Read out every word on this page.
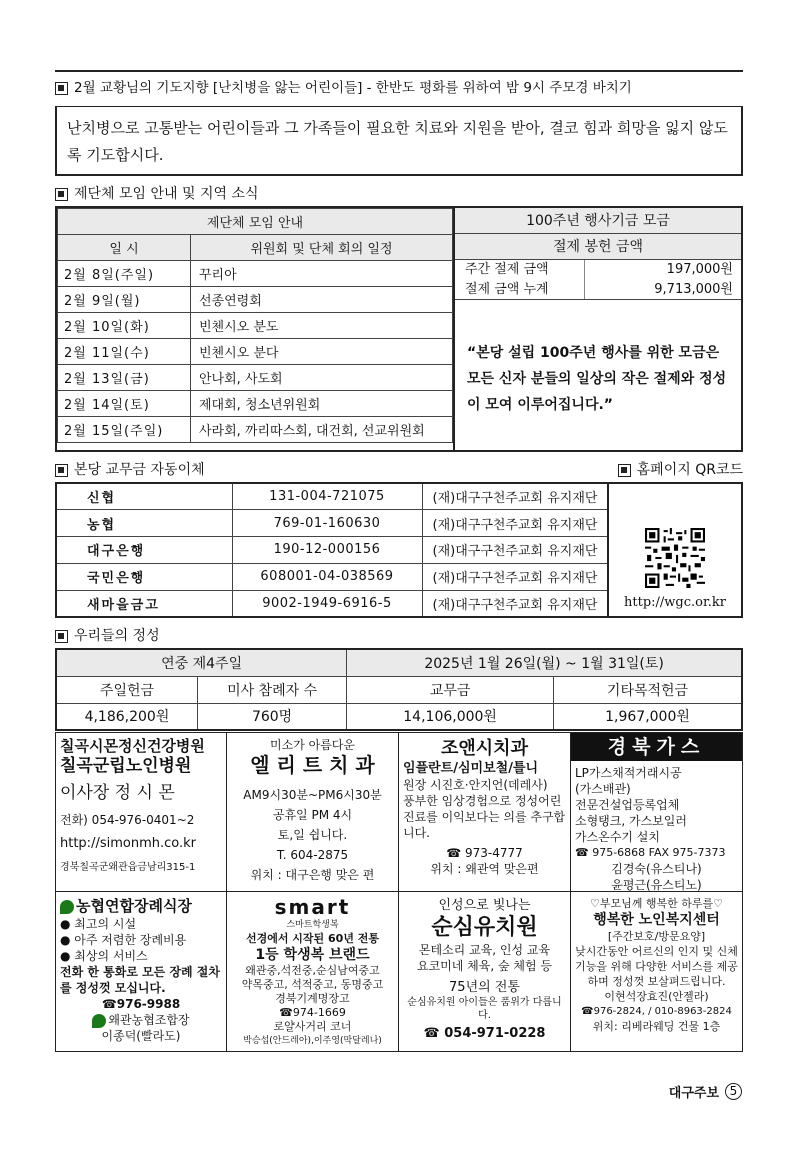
2월 교황님의 기도지향 [난치병을 앓는 어린이들] - 한반도 평화를 위하여 밤 9시 주모경 바치기
난치병으로 고통받는 어린이들과 그 가족들이 필요한 치료와 지원을 받아, 결코 힘과 희망을 잃지 않도록 기도합시다.
제단체 모임 안내 및 지역 소식
제단체 모임 안내	
일 시	위원회 및 단체 회의 일정
2월 8일(주일)	꾸리아
2월 9일(월)	선종연령회
2월 10일(화)	빈첸시오 분도
2월 11일(수)	빈첸시오 분다
2월 13일(금)	안나회, 사도회
2월 14일(토)	제대회, 청소년위원회
2월 15일(주일)	사라회, 까리따스회, 대건회, 선교위원회
100주년 행사기금 모금
절제 봉헌 금액
주간 절제 금액	197,000원
절제 금액 누계	9,713,000원
“본당 설립 100주년 행사를 위한 모금은 모든 신자 분들의 일상의 작은 절제와 정성이 모여 이루어집니다.”
본당 교무금 자동이체	홈페이지 QR코드
신협	131-004-721075	(재)대구구천주교회 유지재단
농협	769-01-160630	(재)대구구천주교회 유지재단
대구은행	190-12-000156	(재)대구구천주교회 유지재단
국민은행	608001-04-038569	(재)대구구천주교회 유지재단
새마을금고	9002-1949-6916-5	(재)대구구천주교회 유지재단 http://wgc.or.kr
우리들의 정성
연중 제4주일		2025년 1월 26일(월) ~ 1월 31일(토)	
주일헌금	미사 참례자 수	교무금	기타목적헌금
4,186,200원	760명	14,106,000원	1,967,000원
칠곡시몬정신건강병원
칠곡군립노인병원
이사장 정 시 몬
전화) 054-976-0401~2
http://simonmh.co.kr
경북칠곡군왜관읍금남리315-1
미소가 아름다운
엘 리 트 치 과
AM9시30분~PM6시30분
공휴일 PM 4시
토,일 쉽니다.
T. 604-2875
위치 : 대구은행 맞은 편
조앤시치과
임플란트/심미보철/틀니
원장 시진호·안지언(데레사)
풍부한 임상경험으로 정성어린 진료를 이익보다는 의를 추구합니다.
☎ 973-4777
위치 : 왜관역 맞은편
경북가스
LP가스채적거래시공
(가스배관)
전문건설업등록업체
소형탱크, 가스보일러
가스온수기 설치
☎ 975-6868 FAX 975-7373
김경숙(유스티나)
윤평근(유스티노)
농협연합장례식장
● 최고의 시설
● 아주 저렴한 장례비용
● 최상의 서비스
전화 한 통화로 모든 장례 절차를 정성껏 모십니다.
☎976-9988
왜관농협조합장
이종덕(빨라도)
smart
스마트학생복
선경에서 시작된 60년 전통
1등 학생복 브랜드
왜관중,석전중,순심남여중고
약목중고, 석적중고, 동명중고
경북기계명장고
☎974-1669
로얄사거리 코너
박승섭(안드레아),이주영(막달레나)
인성으로 빛나는
순심유치원
몬테소리 교육, 인성 교육
요코미네 체육, 숲 체험 등
75년의 전통
순심유치원 아이들은 품위가 다릅니다.
☎ 054-971-0228
♡부모님께 행복한 하루를♡
행복한 노인복지센터
[주간보호/방문요양]
낮시간동안 어르신의 인지 및 신체기능을 위해 다양한 서비스를 제공하며 정성껏 보살펴드립니다.
이현석장효진(안젤라)
☎976-2824, / 010-8963-2824
위치: 리베라웨딩 건물 1층
대구주보 5
